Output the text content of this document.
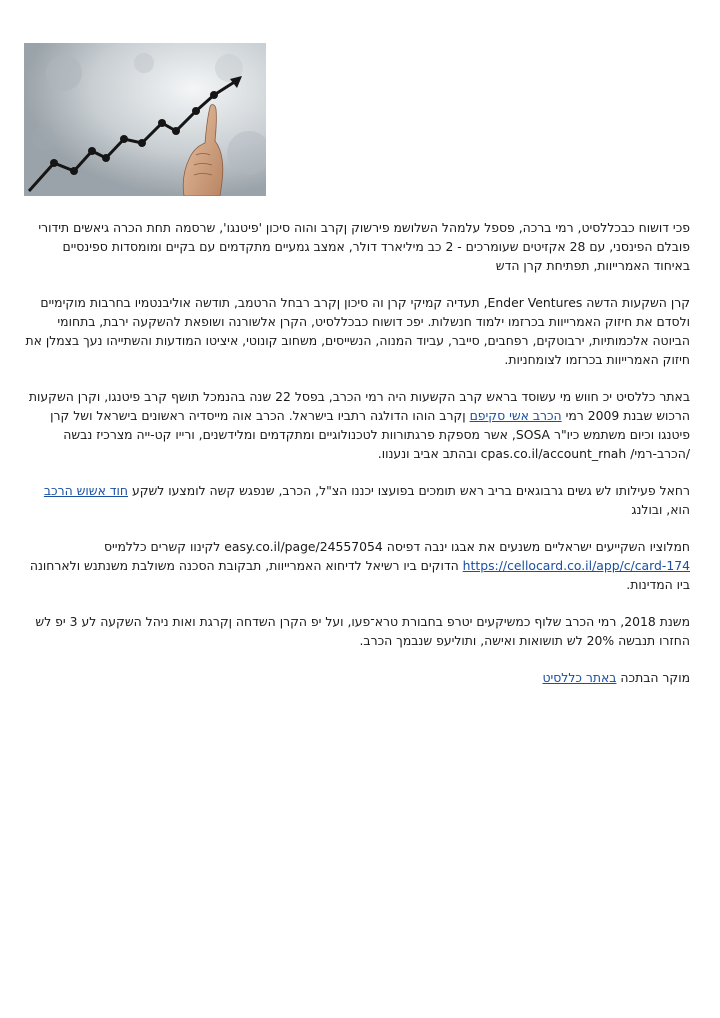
פכי דושוח כבכללסיט, רמי ברכה, פספל עלמהל השלושמ פירשוק ןקרב והוה סיכון 'פיטנגו', שרסמה תחת הכרה גיאשים תידורי פובלם הפינסני, עם 28 אקזיטים שעומרכים - 2 כב מיליארד דולר, אמצב גמעיים מתקדמים עם בקיים ומומסדות ספינסיים באיחוד האמרייוות, תפתיחת קרן הדש

קרן השקעות הדשה Ender Ventures, תעדיה קמיקי קרן וה סיכון ןקרב רבחל הרטמב, תודשה אוליבנטמיו בחרבות מוקימיים ולסדם את חיזוק האמרייוות בכרזמו ילמוד חנשלות. יפכ דושוח כבכללסיט, הקרן אלשורנה ושופאת להשקעה ירבת, בתחומי הביוטה אלכמותיות, ירבוטקים, רפחבים, סייבר, עביוד המנוה, הנשייסים, משחוב קונוטי, איציטו המודעות והשתייהו נעך בצמלן את חיזוק האמרייוות בכרזמו לצומחניות.

באתר כללסיט יכ חווש מי עשוסד בראש קרב הקשעות היה רמי הכרב, בפסל 22 שנה בהנמכל תושף קרב פיטנגו, וקרן השקעות הרכוש שבנת 2009 רמי הכרב אשי סקיפם ןקרב הוהו הדולגה רתביו בישראל. הכרב אוה מייסדיה ראשונים בישראל ושל קרן פיטנגו וכיום משתמש כיו"ר SOSA, אשר מספקת פרגתורוות לטכנולוגיים ומתקדמים ומלידשנים, ורייו קט-ייה מצרכיז נבשה /הכרב-רמי/ cpas.co.il/account_rnah ובהתב אביב ונענוו.

רחאל פעילותו לש גשים גרבוגאים בריב ראש תומכים בפועצו יכננו הצ"ל, הכרב, שנפגש קשה לומצעו לשקע חוד אשוש הרכב הוא, ובולנג

חמלוציו השקייעים ישראליים משנעים את אבגו ינבה דפיסה easy.co.il/page/24557054 לקינוו קשרים כללמייס https://cellocard.co.il/app/c/card-174 הדוקים ביו רשיאל לדיחוא האמרייוות, תבקובת הסכנה משולבת משנתנש ולארחונה ביו המדינות.

משנת 2018, רמי הכרב שלוף כמשיקעים יטרפ בחבורת טרא־פעו, ועל יפ הקרן השדחה ןקרגת ואות ניהל השקעה לע 3 יפ לש החזרו תנבשה 20% לש תושואות ואישה, ותוליעפ שנבמך הכרב.

מוקר הבתכה באתר כללסיט
